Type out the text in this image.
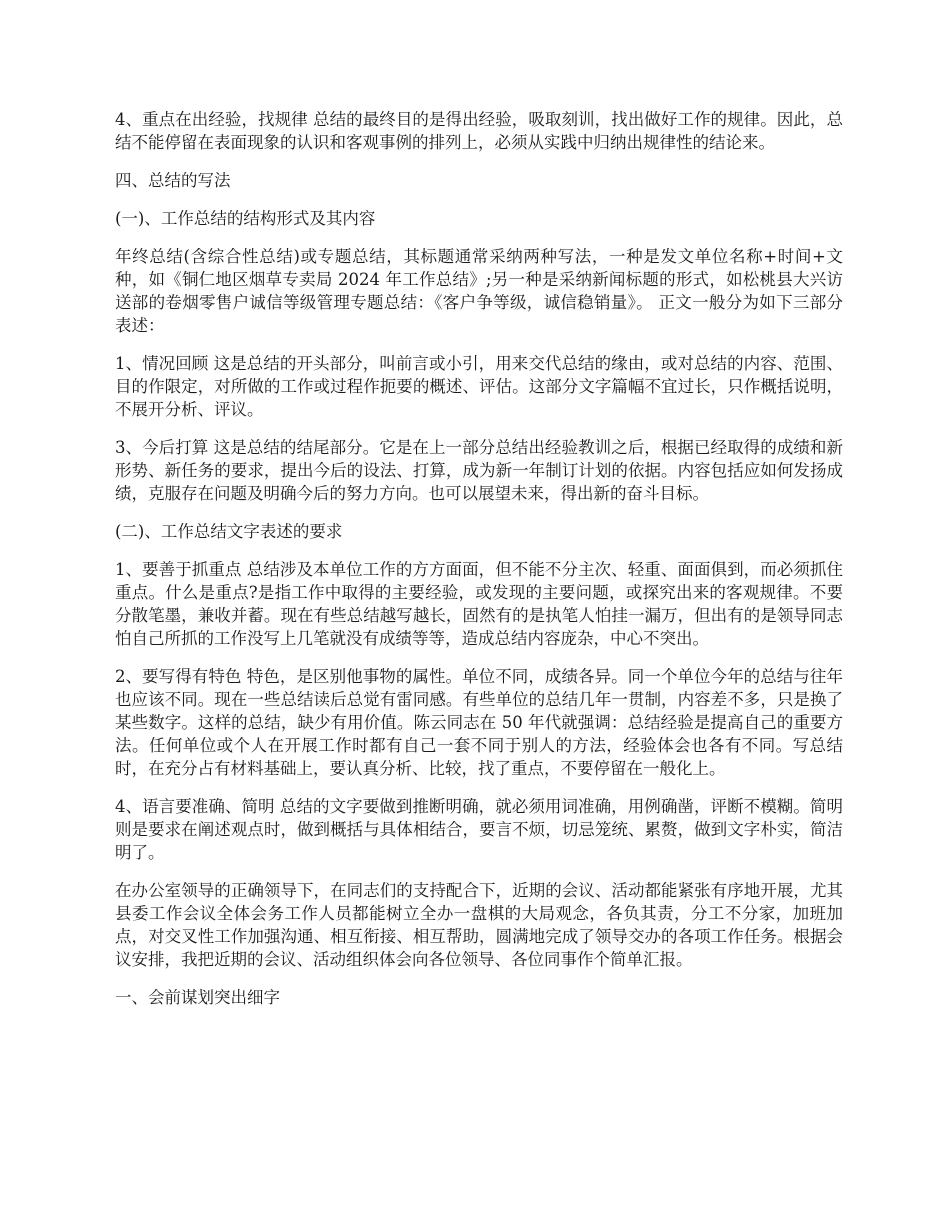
4、重点在出经验，找规律 总结的最终目的是得出经验，吸取刻训，找出做好工作的规律。因此，总结不能停留在表面现象的认识和客观事例的排列上，必须从实践中归纳出规律性的结论来。

四、总结的写法

(一)、工作总结的结构形式及其内容

年终总结(含综合性总结)或专题总结，其标题通常采纳两种写法，一种是发文单位名称+时间+文种，如《铜仁地区烟草专卖局 2024 年工作总结》;另一种是采纳新闻标题的形式，如松桃县大兴访送部的卷烟零售户诚信等级管理专题总结：《客户争等级，诚信稳销量》。 正文一般分为如下三部分表述：

1、情况回顾 这是总结的开头部分，叫前言或小引，用来交代总结的缘由，或对总结的内容、范围、目的作限定，对所做的工作或过程作扼要的概述、评估。这部分文字篇幅不宜过长，只作概括说明，不展开分析、评议。

3、今后打算 这是总结的结尾部分。它是在上一部分总结出经验教训之后，根据已经取得的成绩和新形势、新任务的要求，提出今后的设法、打算，成为新一年制订计划的依据。内容包括应如何发扬成绩，克服存在问题及明确今后的努力方向。也可以展望未来，得出新的奋斗目标。

(二)、工作总结文字表述的要求

1、要善于抓重点 总结涉及本单位工作的方方面面，但不能不分主次、轻重、面面俱到，而必须抓住重点。什么是重点?是指工作中取得的主要经验，或发现的主要问题，或探究出来的客观规律。不要分散笔墨，兼收并蓄。现在有些总结越写越长，固然有的是执笔人怕挂一漏万，但出有的是领导同志怕自己所抓的工作没写上几笔就没有成绩等等，造成总结内容庞杂，中心不突出。

2、要写得有特色 特色，是区别他事物的属性。单位不同，成绩各异。同一个单位今年的总结与往年也应该不同。现在一些总结读后总觉有雷同感。有些单位的总结几年一贯制，内容差不多，只是换了某些数字。这样的总结，缺少有用价值。陈云同志在 50 年代就强调：总结经验是提高自己的重要方法。任何单位或个人在开展工作时都有自己一套不同于别人的方法，经验体会也各有不同。写总结时，在充分占有材料基础上，要认真分析、比较，找了重点，不要停留在一般化上。

4、语言要准确、简明 总结的文字要做到推断明确，就必须用词准确，用例确凿，评断不模糊。简明则是要求在阐述观点时，做到概括与具体相结合，要言不烦，切忌笼统、累赘，做到文字朴实，简洁明了。

在办公室领导的正确领导下，在同志们的支持配合下，近期的会议、活动都能紧张有序地开展，尤其县委工作会议全体会务工作人员都能树立全办一盘棋的大局观念，各负其责，分工不分家，加班加点，对交叉性工作加强沟通、相互衔接、相互帮助，圆满地完成了领导交办的各项工作任务。根据会议安排，我把近期的会议、活动组织体会向各位领导、各位同事作个简单汇报。

一、会前谋划突出细字
